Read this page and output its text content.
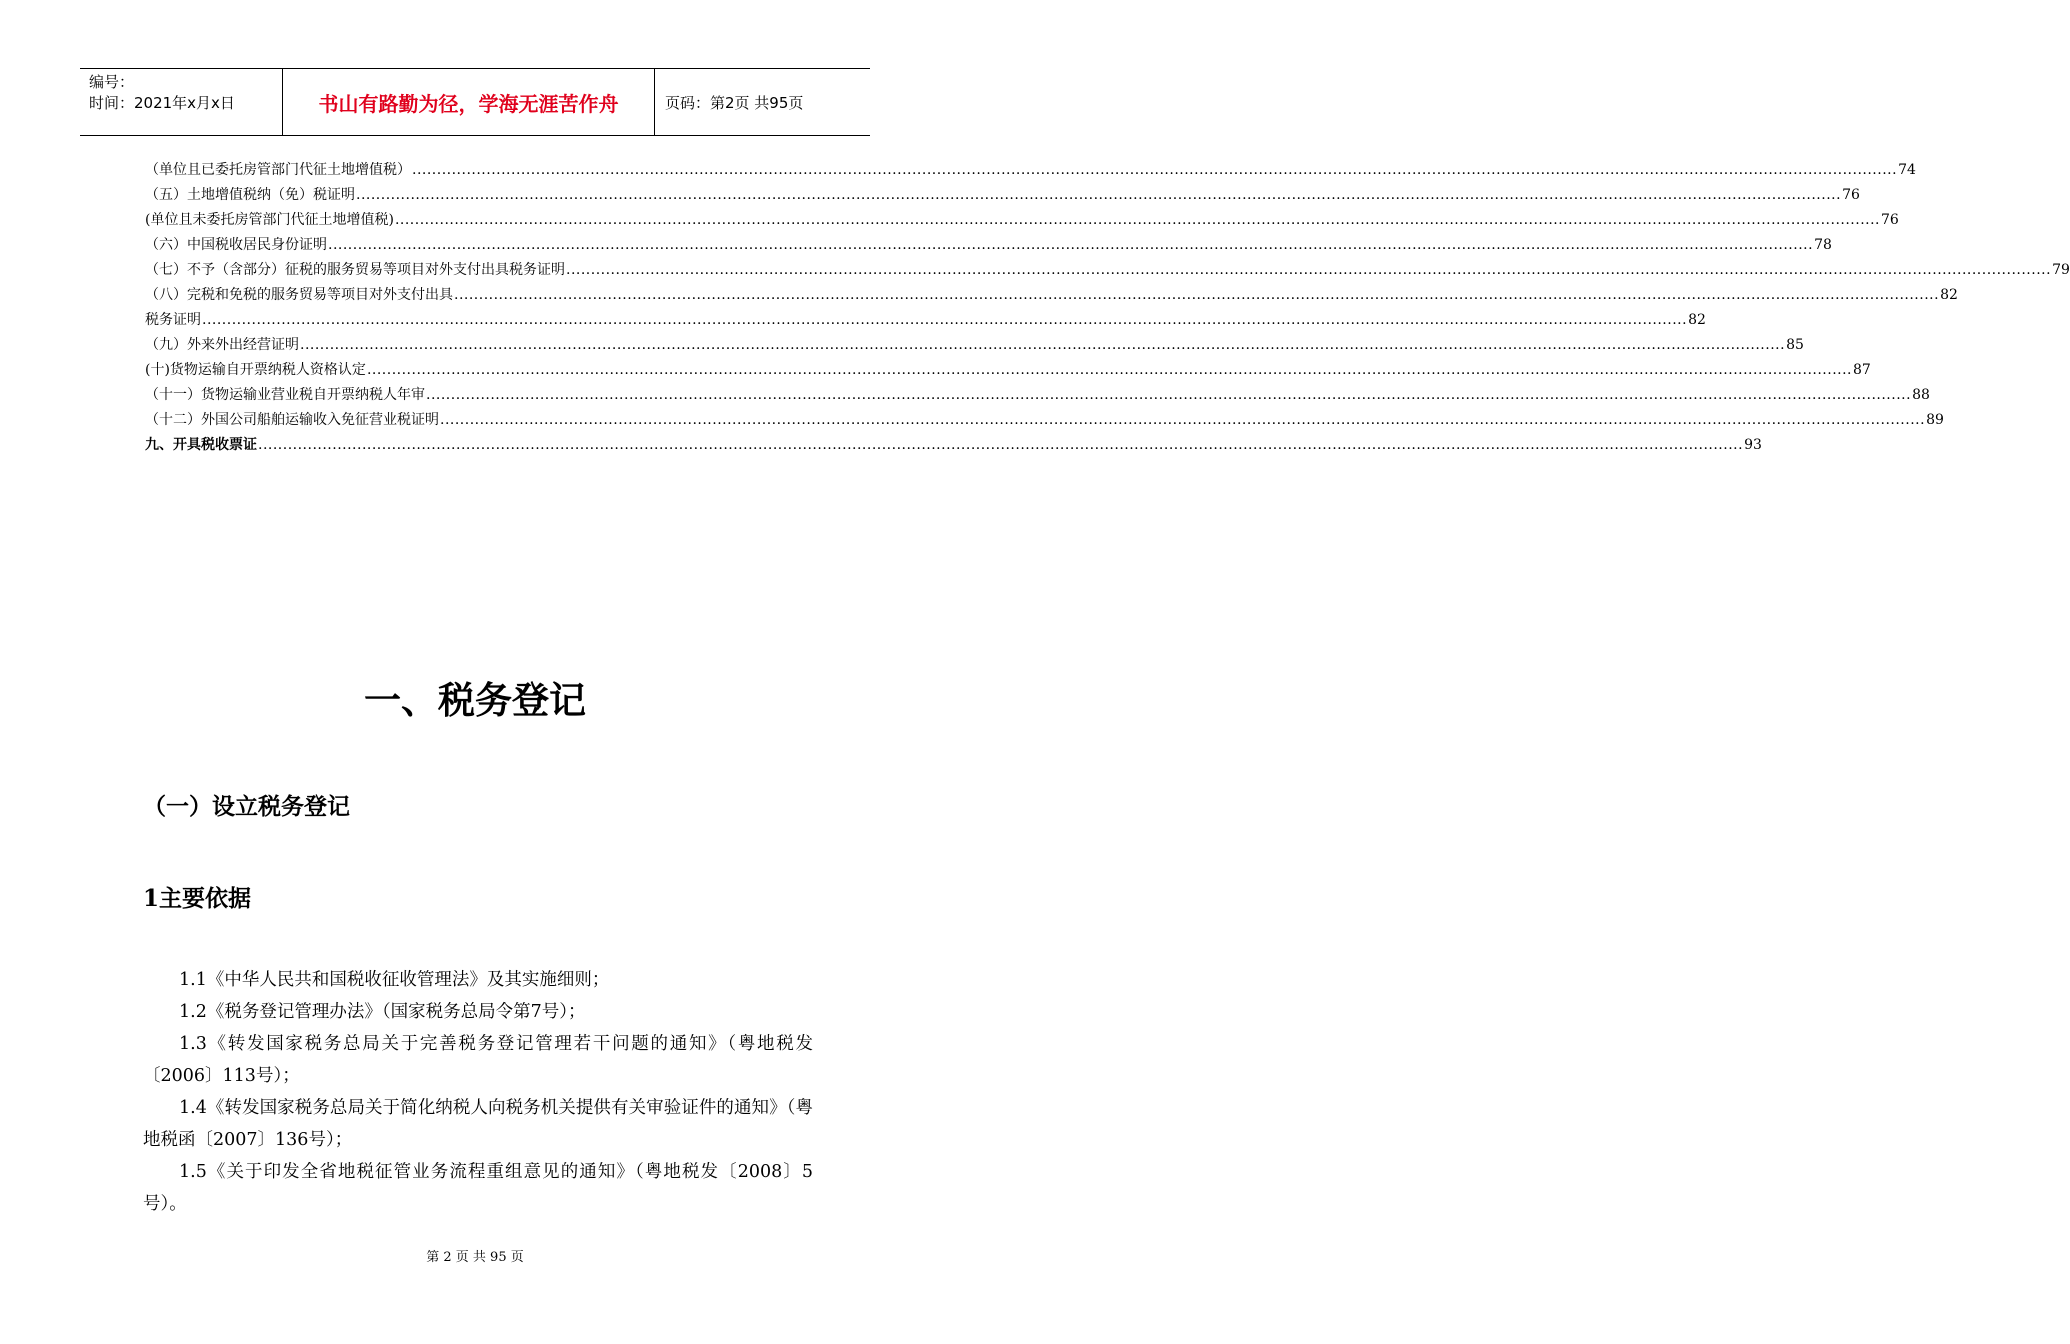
编号：
时间：2021年x月x日	书山有路勤为径，学海无涯苦作舟	页码：第2页 共95页
（单位且已委托房管部门代征土地增值税） ............................................................................................................................................................................................................................................................................................................ 74
（五）土地增值税纳（免）税证明 ............................................................................................................................................................................................................................................................................................................ 76
(单位且未委托房管部门代征土地增值税) ............................................................................................................................................................................................................................................................................................................ 76
（六）中国税收居民身份证明 ............................................................................................................................................................................................................................................................................................................ 78
（七）不予（含部分）征税的服务贸易等项目对外支付出具税务证明 ............................................................................................................................................................................................................................................................................................................ 79
（八）完税和免税的服务贸易等项目对外支付出具 ............................................................................................................................................................................................................................................................................................................ 82
税务证明 ............................................................................................................................................................................................................................................................................................................ 82
（九）外来外出经营证明 ............................................................................................................................................................................................................................................................................................................ 85
(十)货物运输自开票纳税人资格认定 ............................................................................................................................................................................................................................................................................................................ 87
（十一）货物运输业营业税自开票纳税人年审 ............................................................................................................................................................................................................................................................................................................ 88
（十二）外国公司船舶运输收入免征营业税证明 ............................................................................................................................................................................................................................................................................................................ 89
九、开具税收票证 ............................................................................................................................................................................................................................................................................................................ 93
一、税务登记
（一）设立税务登记
1主要依据

1.1《中华人民共和国税收征收管理法》及其实施细则；

1.2《税务登记管理办法》（国家税务总局令第7号）；

1.3《转发国家税务总局关于完善税务登记管理若干问题的通知》（粤地税发〔2006〕113号）；

1.4《转发国家税务总局关于简化纳税人向税务机关提供有关审验证件的通知》（粤地税函〔2007〕136号）；

1.5《关于印发全省地税征管业务流程重组意见的通知》（粤地税发〔2008〕5号）。

第 2 页 共 95 页
